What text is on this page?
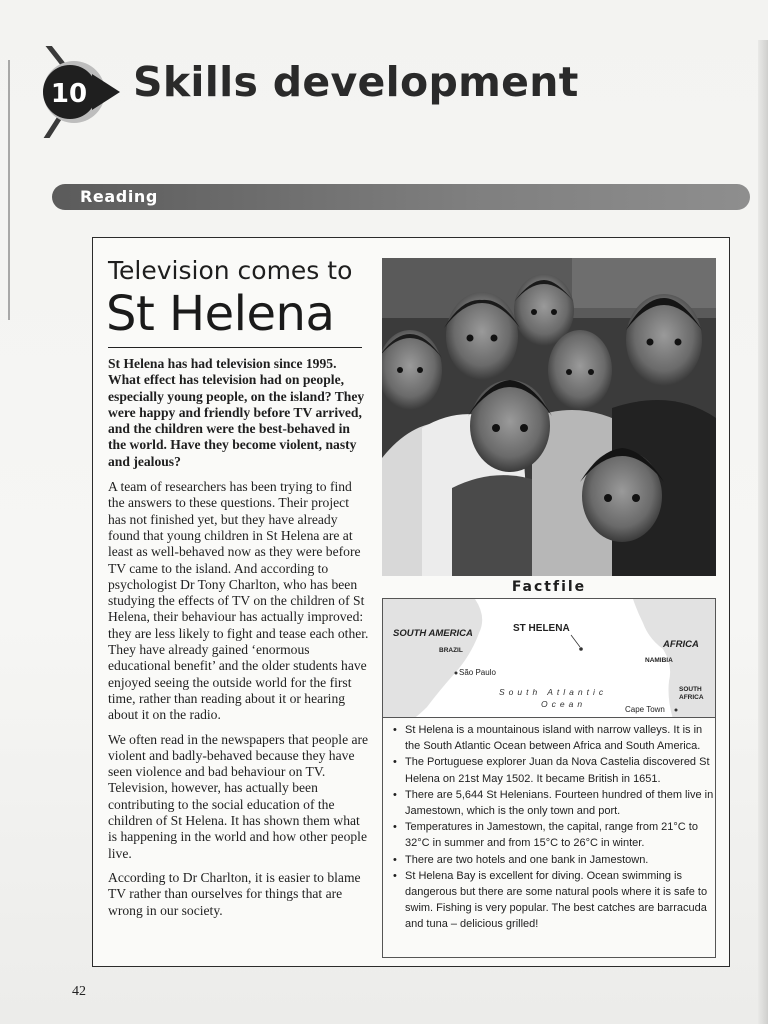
10 Skills development
Reading
Television comes to
St Helena

St Helena has had television since 1995. What effect has television had on people, especially young people, on the island? They were happy and friendly before TV arrived, and the children were the best-behaved in the world. Have they become violent, nasty and jealous?

A team of researchers has been trying to find the answers to these questions. Their project has not finished yet, but they have already found that young children in St Helena are at least as well-behaved now as they were before TV came to the island. And according to psychologist Dr Tony Charlton, who has been studying the effects of TV on the children of St Helena, their behaviour has actually improved: they are less likely to fight and tease each other. They have already gained ‘enormous educational benefit’ and the older students have enjoyed seeing the outside world for the first time, rather than reading about it or hearing about it on the radio.

We often read in the newspapers that people are violent and badly-behaved because they have seen violence and bad behaviour on TV. Television, however, has actually been contributing to the social education of the children of St Helena. It has shown them what is happening in the world and how other people live.

According to Dr Charlton, it is easier to blame TV rather than ourselves for things that are wrong in our society.

Factfile
SOUTH AMERICA
BRAZIL
São Paulo
ST HELENA
AFRICA
NAMIBIA
South Atlantic
Ocean
SOUTH
AFRICA
Cape Town
• St Helena is a mountainous island with narrow valleys. It is in the South Atlantic Ocean between Africa and South America.
• The Portuguese explorer Juan da Nova Castelia discovered St Helena on 21st May 1502. It became British in 1651.
• There are 5,644 St Helenians. Fourteen hundred of them live in Jamestown, which is the only town and port.
• Temperatures in Jamestown, the capital, range from 21°C to 32°C in summer and from 15°C to 26°C in winter.
• There are two hotels and one bank in Jamestown.
• St Helena Bay is excellent for diving. Ocean swimming is dangerous but there are some natural pools where it is safe to swim. Fishing is very popular. The best catches are barracuda and tuna – delicious grilled!
42
